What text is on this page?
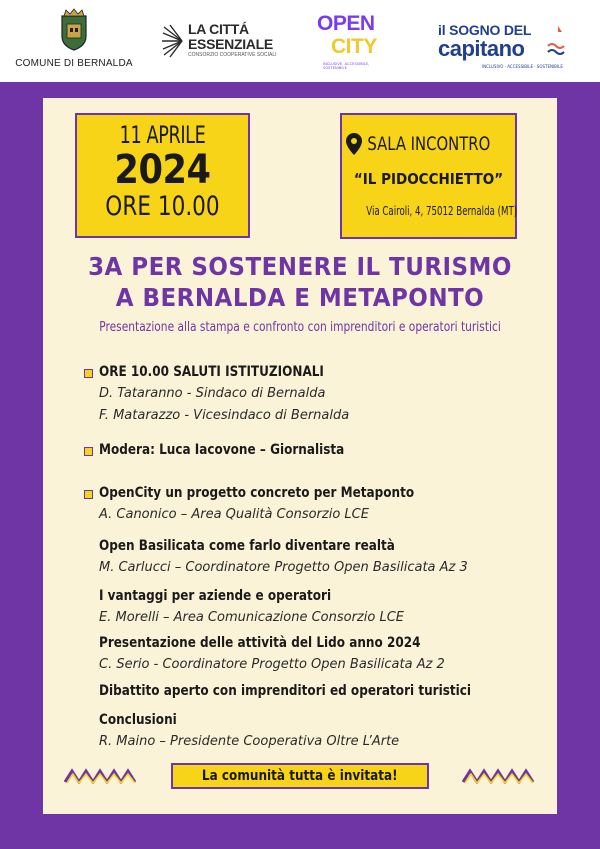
COMUNE DI BERNALDA
LA CITTÁ
ESSENZIALE
CONSORZIO COOPERATIVE SOCIALI
OPEN
CITY
INCLUSIVE, ACCESSIBILE, SOSTENIBILE
il SOGNO DEL
capitano
INCLUSIVO · ACCESSIBILE · SOSTENIBILE
11 APRILE
2024
ORE 10.00
SALA INCONTRO
“IL PIDOCCHIETTO”
Via Cairoli, 4, 75012 Bernalda (MT)
3A PER SOSTENERE IL TURISMO
A BERNALDA E METAPONTO
Presentazione alla stampa e confronto con imprenditori e operatori turistici
ORE 10.00 SALUTI ISTITUZIONALI
D. Tataranno - Sindaco di Bernalda
F. Matarazzo - Vicesindaco di Bernalda
Modera: Luca Iacovone – Giornalista
OpenCity un progetto concreto per Metaponto
A. Canonico – Area Qualità Consorzio LCE
Open Basilicata come farlo diventare realtà
M. Carlucci – Coordinatore Progetto Open Basilicata Az 3
I vantaggi per aziende e operatori
E. Morelli – Area Comunicazione Consorzio LCE
Presentazione delle attività del Lido anno 2024
C. Serio - Coordinatore Progetto Open Basilicata Az 2
Dibattito aperto con imprenditori ed operatori turistici
Conclusioni
R. Maino – Presidente Cooperativa Oltre L’Arte
La comunità tutta è invitata!
